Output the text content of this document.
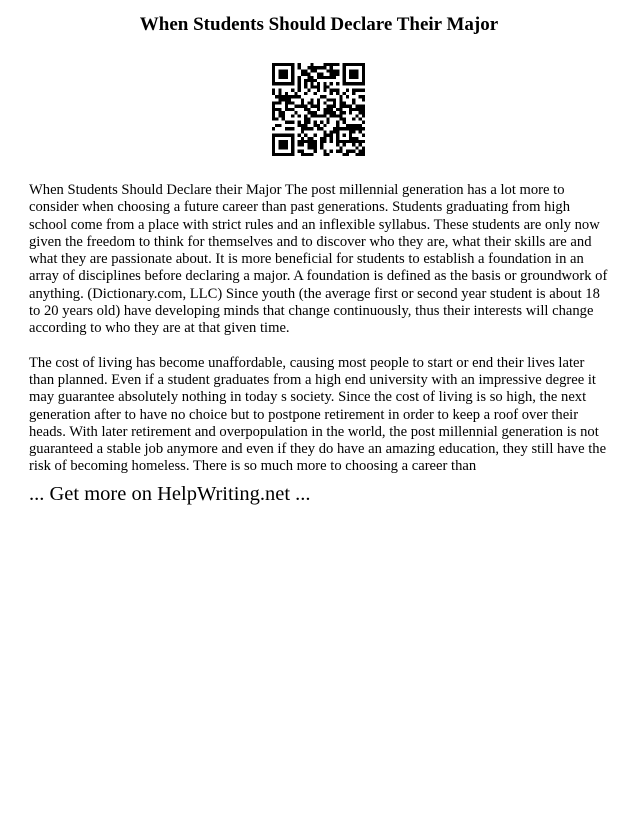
When Students Should Declare Their Major

When Students Should Declare their Major The post millennial generation has a lot more to consider when choosing a future career than past generations. Students graduating from high school come from a place with strict rules and an inflexible syllabus. These students are only now given the freedom to think for themselves and to discover who they are, what their skills are and what they are passionate about. It is more beneficial for students to establish a foundation in an array of disciplines before declaring a major. A foundation is defined as the basis or groundwork of anything. (Dictionary.com, LLC) Since youth (the average first or second year student is about 18 to 20 years old) have developing minds that change continuously, thus their interests will change according to who they are at that given time.

The cost of living has become unaffordable, causing most people to start or end their lives later than planned. Even if a student graduates from a high end university with an impressive degree it may guarantee absolutely nothing in today s society. Since the cost of living is so high, the next generation after to have no choice but to postpone retirement in order to keep a roof over their heads. With later retirement and overpopulation in the world, the post millennial generation is not guaranteed a stable job anymore and even if they do have an amazing education, they still have the risk of becoming homeless. There is so much more to choosing a career than

... Get more on HelpWriting.net ...
